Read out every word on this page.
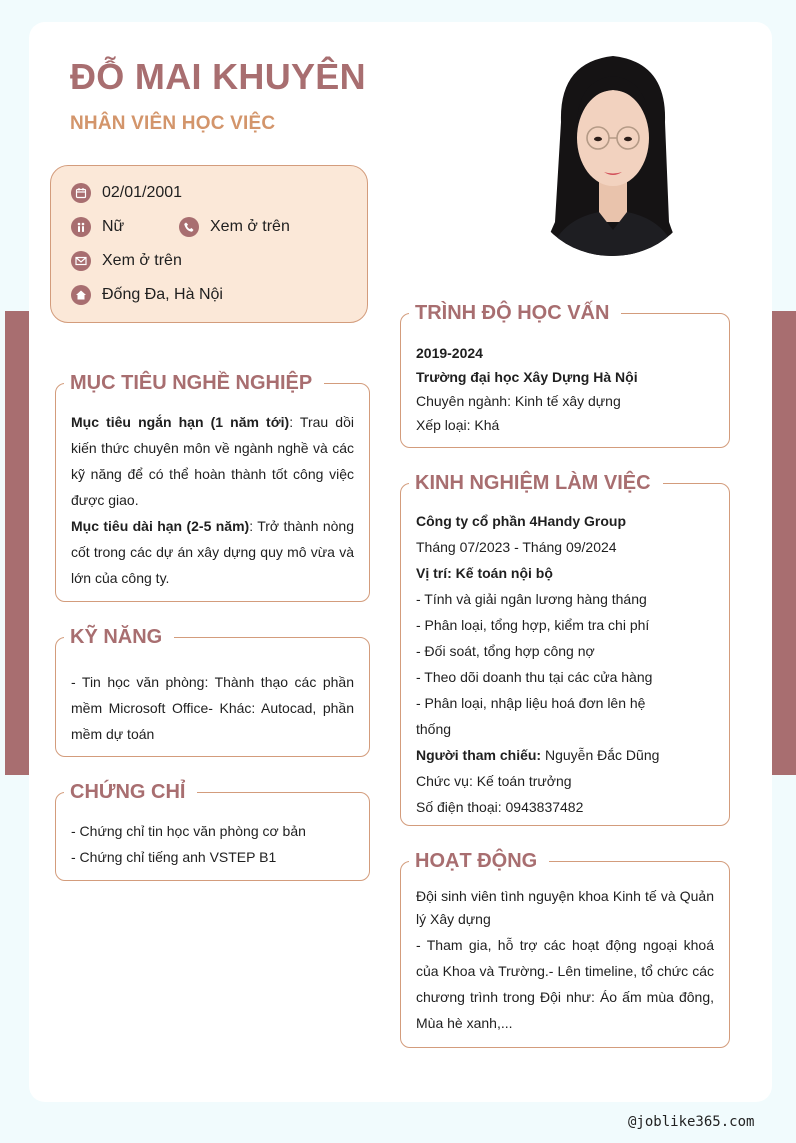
ĐỖ MAI KHUYÊN
NHÂN VIÊN HỌC VIỆC
02/01/2001
Nữ	Xem ở trên
Xem ở trên
Đống Đa, Hà Nội
MỤC TIÊU NGHỀ NGHIỆP
Mục tiêu ngắn hạn (1 năm tới): Trau dồi kiến thức chuyên môn về ngành nghề và các kỹ năng để có thể hoàn thành tốt công việc được giao.
Mục tiêu dài hạn (2-5 năm): Trở thành nòng cốt trong các dự án xây dựng quy mô vừa và lớn của công ty.
KỸ NĂNG
- Tin học văn phòng: Thành thạo các phần mềm Microsoft Office- Khác: Autocad, phần mềm dự toán
CHỨNG CHỈ
- Chứng chỉ tin học văn phòng cơ bản
- Chứng chỉ tiếng anh VSTEP B1
TRÌNH ĐỘ HỌC VẤN
2019-2024
Trường đại học Xây Dựng Hà Nội
Chuyên ngành: Kinh tế xây dựng
Xếp loại: Khá
KINH NGHIỆM LÀM VIỆC
Công ty cổ phần 4Handy Group
Tháng 07/2023 - Tháng 09/2024
Vị trí: Kế toán nội bộ
- Tính và giải ngân lương hàng tháng
- Phân loại, tổng hợp, kiểm tra chi phí
- Đối soát, tổng hợp công nợ
- Theo dõi doanh thu tại các cửa hàng
- Phân loại, nhập liệu hoá đơn lên hệ
thống
Người tham chiếu: Nguyễn Đắc Dũng
Chức vụ: Kế toán trưởng
Số điện thoại: 0943837482
HOẠT ĐỘNG
Đội sinh viên tình nguyện khoa Kinh tế và Quản lý Xây dựng
- Tham gia, hỗ trợ các hoạt động ngoại khoá của Khoa và Trường.- Lên timeline, tổ chức các chương trình trong Đội như: Áo ấm mùa đông, Mùa hè xanh,...
@joblike365.com
